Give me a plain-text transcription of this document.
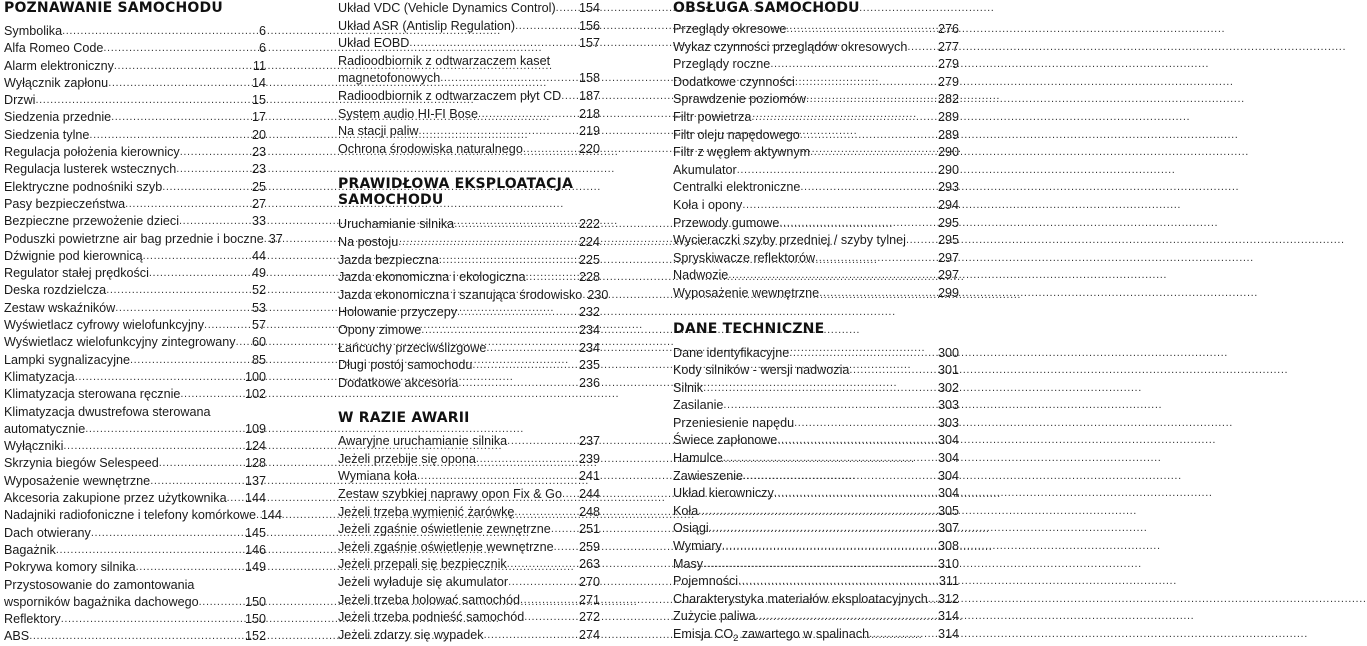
POZNAWANIE SAMOCHODU
Symbolika .....	6
Alfa Romeo Code .....	6
Alarm elektroniczny .....	11
Wyłącznik zapłonu .....	14
Drzwi .....	15
Siedzenia przednie .....	17
Siedzenia tylne .....	20
Regulacja położenia kierownicy .....	23
Regulacja lusterek wstecznych .....	23
Elektryczne podnośniki szyb .....	25
Pasy bezpieczeństwa .....	27
Bezpieczne przewożenie dzieci .....	33
Poduszki powietrzne air bag przednie i boczne ..... 37
Dźwignie pod kierownicą .....	44
Regulator stałej prędkości .....	49
Deska rozdzielcza .....	52
Zestaw wskaźników .....	53
Wyświetlacz cyfrowy wielofunkcyjny .....	57
Wyświetlacz wielofunkcyjny zintegrowany ..... 60
Lampki sygnalizacyjne .....	85
Klimatyzacja .....	100
Klimatyzacja sterowana ręcznie .....	102
Klimatyzacja dwustrefowa sterowana
automatycznie .....	109
Wyłączniki .....	124
Skrzynia biegów Selespeed .....	128
Wyposażenie wewnętrzne .....	137
Akcesoria zakupione przez użytkownika ..... 144
Nadajniki radiofoniczne i telefony komórkowe ..... 144
Dach otwierany .....	145
Bagażnik .....	146
Pokrywa komory silnika .....	149
Przystosowanie do zamontowania
wsporników bagażnika dachowego .....	150
Reflektory .....	150
ABS .....	152
Układ VDC (Vehicle Dynamics Control) ..... 154
Układ ASR (Antislip Regulation) .....	156
Układ EOBD .....	157
Radioodbiornik z odtwarzaczem kaset
magnetofonowych .....	158
Radioodbiornik z odtwarzaczem płyt CD ..... 187
System audio HI-FI Bose .....	218
Na stacji paliw .....	219
Ochrona środowiska naturalnego .....	220
PRAWIDŁOWA EKSPLOATACJA
SAMOCHODU
Uruchamianie silnika .....	222
Na postoju .....	224
Jazda bezpieczna .....	225
Jazda ekonomiczna i ekologiczna .....	228
Jazda ekonomiczna i szanująca środowisko ..... 230
Holowanie przyczepy .....	232
Opony zimowe .....	234
Łańcuchy przeciwślizgowe .....	234
Długi postój samochodu .....	235
Dodatkowe akcesoria .....	236
W RAZIE AWARII
Awaryjne uruchamianie silnika .....	237
Jeżeli przebije się opona .....	239
Wymiana koła .....	241
Zestaw szybkiej naprawy opon Fix & Go ..... 244
Jeżeli trzeba wymienić żarówkę .....	248
Jeżeli zgaśnie oświetlenie zewnętrzne ..... 251
Jeżeli zgaśnie oświetlenie wewnętrzne ..... 259
Jeżeli przepali się bezpiecznik .....	263
Jeżeli wyładuje się akumulator .....	270
Jeżeli trzeba holować samochód .....	271
Jeżeli trzeba podnieść samochód .....	272
Jeżeli zdarzy się wypadek .....	274
OBSŁUGA SAMOCHODU
Przeglądy okresowe .....	276
Wykaz czynności przeglądów okresowych ..... 277
Przeglądy roczne .....	279
Dodatkowe czynności .....	279
Sprawdzenie poziomów .....	282
Filtr powietrza .....	289
Filtr oleju napędowego .....	289
Filtr z węglem aktywnym .....	290
Akumulator .....	290
Centralki elektroniczne .....	293
Koła i opony .....	294
Przewody gumowe .....	295
Wycieraczki szyby przedniej / szyby tylnej .....	295
Spryskiwacze reflektorów .....	297
Nadwozie .....	297
Wyposażenie wewnętrzne .....	299
DANE TECHNICZNE
Dane identyfikacyjne .....	300
Kody silników - wersji nadwozia .....	301
Silnik .....	302
Zasilanie .....	303
Przeniesienie napędu .....	303
Świece zapłonowe .....	304
Hamulce .....	304
Zawieszenie .....	304
Układ kierowniczy .....	304
Koła .....	305
Osiągi .....	307
Wymiary .....	308
Masy .....	310
Pojemności .....	311
Charakterystyka materiałów eksploatacyjnych ..... 312
Zużycie paliwa .....	314
Emisja $CO_2$ zawartego w spalinach .....	314
